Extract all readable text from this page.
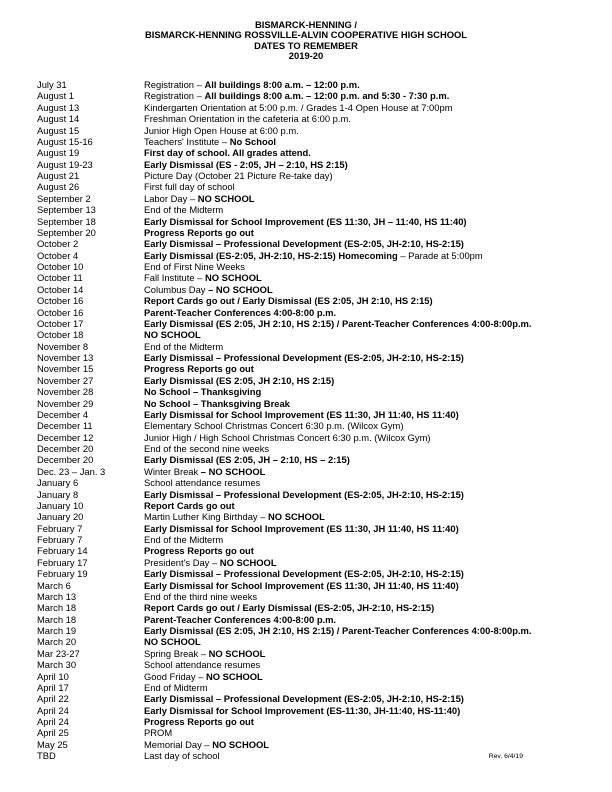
BISMARCK-HENNING /
BISMARCK-HENNING ROSSVILLE-ALVIN COOPERATIVE HIGH SCHOOL
DATES TO REMEMBER
2019-20
July 31	Registration – All buildings 8:00 a.m. – 12:00 p.m.
August 1	Registration – All buildings 8:00 a.m. – 12:00 p.m. and 5:30 - 7:30 p.m.
August 13	Kindergarten Orientation at 5:00 p.m. / Grades 1-4 Open House at 7:00pm
August 14	Freshman Orientation in the cafeteria at 6:00 p.m.
August 15	Junior High Open House at 6:00 p.m.
August 15-16	Teachers' Institute – No School
August 19	First day of school. All grades attend.
August 19-23	Early Dismissal (ES - 2:05, JH – 2:10, HS 2:15)
August 21	Picture Day (October 21 Picture Re-take day)
August 26	First full day of school
September 2	Labor Day – NO SCHOOL
September 13	End of the Midterm
September 18	Early Dismissal for School Improvement (ES 11:30, JH – 11:40, HS 11:40)
September 20	Progress Reports go out
October 2	Early Dismissal – Professional Development (ES-2:05, JH-2:10, HS-2:15)
October 4	Early Dismissal (ES-2:05, JH-2:10, HS-2:15) Homecoming – Parade at 5:00pm
October 10	End of First Nine Weeks
October 11	Fall Institute – NO SCHOOL
October 14	Columbus Day – NO SCHOOL
October 16	Report Cards go out / Early Dismissal (ES 2:05, JH 2:10, HS 2:15)
October 16	Parent-Teacher Conferences 4:00-8:00 p.m.
October 17	Early Dismissal (ES 2:05, JH 2:10, HS 2:15) / Parent-Teacher Conferences 4:00-8:00p.m.
October 18	NO SCHOOL
November 8	End of the Midterm
November 13	Early Dismissal – Professional Development (ES-2:05, JH-2:10, HS-2:15)
November 15	Progress Reports go out
November 27	Early Dismissal (ES 2:05, JH 2:10, HS 2:15)
November 28	No School – Thanksgiving
November 29	No School – Thanksgiving Break
December 4	Early Dismissal for School Improvement (ES 11:30, JH 11:40, HS 11:40)
December 11	Elementary School Christmas Concert 6:30 p.m. (Wilcox Gym)
December 12	Junior High / High School Christmas Concert 6:30 p.m. (Wilcox Gym)
December 20	End of the second nine weeks
December 20	Early Dismissal (ES 2:05, JH – 2:10, HS – 2:15)
Dec. 23 – Jan. 3	Winter Break – NO SCHOOL
January 6	School attendance resumes
January 8	Early Dismissal – Professional Development (ES-2:05, JH-2:10, HS-2:15)
January 10	Report Cards go out
January 20	Martin Luther King Birthday – NO SCHOOL
February 7	Early Dismissal for School Improvement (ES 11:30, JH 11:40, HS 11:40)
February 7	End of the Midterm
February 14	Progress Reports go out
February 17	President's Day – NO SCHOOL
February 19	Early Dismissal – Professional Development (ES-2:05, JH-2:10, HS-2:15)
March 6	Early Dismissal for School Improvement (ES 11:30, JH 11:40, HS 11:40)
March 13	End of the third nine weeks
March 18	Report Cards go out / Early Dismissal (ES-2:05, JH-2:10, HS-2:15)
March 18	Parent-Teacher Conferences 4:00-8:00 p.m.
March 19	Early Dismissal (ES 2:05, JH 2:10, HS 2:15) / Parent-Teacher Conferences 4:00-8:00p.m.
March 20	NO SCHOOL
Mar 23-27	Spring Break – NO SCHOOL
March 30	School attendance resumes
April 10	Good Friday – NO SCHOOL
April 17	End of Midterm
April 22	Early Dismissal – Professional Development (ES-2:05, JH-2:10, HS-2:15)
April 24	Early Dismissal for School Improvement (ES-11:30, JH-11:40, HS-11:40)
April 24	Progress Reports go out
April 25	PROM
May 25	Memorial Day – NO SCHOOL
TBD	Last day of school	Rev. 6/4/19
